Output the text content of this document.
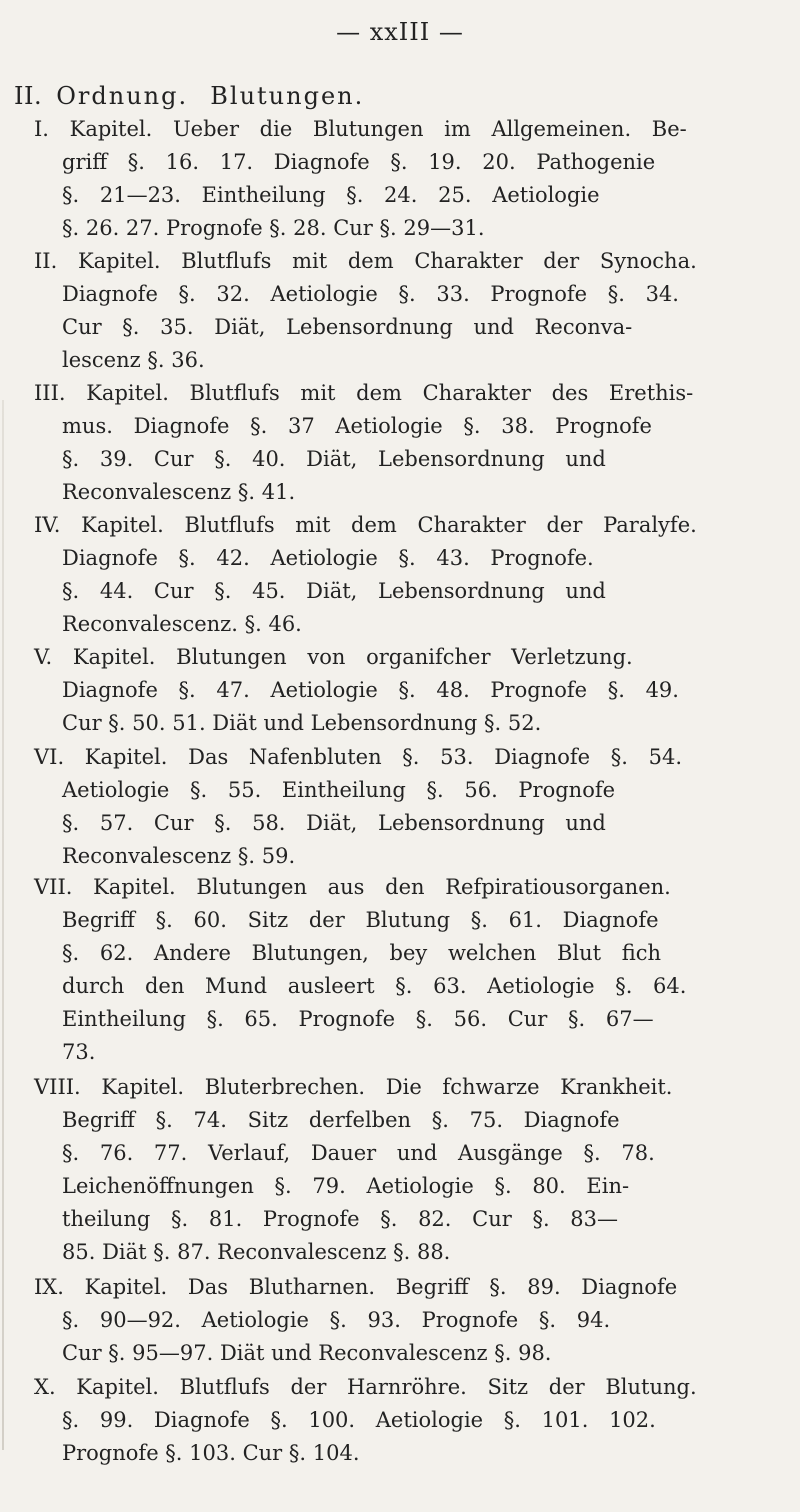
— xxIII —
II. Ordnung. Blutungen.
I. Kapitel. Ueber die Blutungen im Allgemeinen. Be-
griff §. 16. 17. Diagnofe §. 19. 20. Pathogenie
§. 21—23. Eintheilung §. 24. 25. Aetiologie
§. 26. 27. Prognofe §. 28. Cur §. 29—31.
II. Kapitel. Blutflufs mit dem Charakter der Synocha.
Diagnofe §. 32. Aetiologie §. 33. Prognofe §. 34.
Cur §. 35. Diät, Lebensordnung und Reconva-
lescenz §. 36.
III. Kapitel. Blutflufs mit dem Charakter des Erethis-
mus. Diagnofe §. 37 Aetiologie §. 38. Prognofe
§. 39. Cur §. 40. Diät, Lebensordnung und
Reconvalescenz §. 41.
IV. Kapitel. Blutflufs mit dem Charakter der Paralyfe.
Diagnofe §. 42. Aetiologie §. 43. Prognofe.
§. 44. Cur §. 45. Diät, Lebensordnung und
Reconvalescenz. §. 46.
V. Kapitel. Blutungen von organifcher Verletzung.
Diagnofe §. 47. Aetiologie §. 48. Prognofe §. 49.
Cur §. 50. 51. Diät und Lebensordnung §. 52.
VI. Kapitel. Das Nafenbluten §. 53. Diagnofe §. 54.
Aetiologie §. 55. Eintheilung §. 56. Prognofe
§. 57. Cur §. 58. Diät, Lebensordnung und
Reconvalescenz §. 59.
VII. Kapitel. Blutungen aus den Refpiratiousorganen.
Begriff §. 60. Sitz der Blutung §. 61. Diagnofe
§. 62. Andere Blutungen, bey welchen Blut fich
durch den Mund ausleert §. 63. Aetiologie §. 64.
Eintheilung §. 65. Prognofe §. 56. Cur §. 67—
73.
VIII. Kapitel. Bluterbrechen. Die fchwarze Krankheit.
Begriff §. 74. Sitz derfelben §. 75. Diagnofe
§. 76. 77. Verlauf, Dauer und Ausgänge §. 78.
Leichenöffnungen §. 79. Aetiologie §. 80. Ein-
theilung §. 81. Prognofe §. 82. Cur §. 83—
85. Diät §. 87. Reconvalescenz §. 88.
IX. Kapitel. Das Blutharnen. Begriff §. 89. Diagnofe
§. 90—92. Aetiologie §. 93. Prognofe §. 94.
Cur §. 95—97. Diät und Reconvalescenz §. 98.
X. Kapitel. Blutflufs der Harnröhre. Sitz der Blutung.
§. 99. Diagnofe §. 100. Aetiologie §. 101. 102.
Prognofe §. 103. Cur §. 104.
